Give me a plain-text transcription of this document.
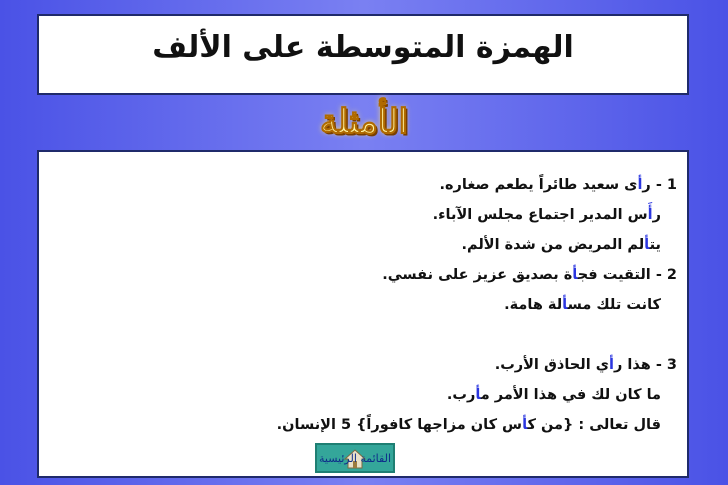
الهمزة المتوسطة على الألف
الأمثلة
1 - رأى سعيد طائراً يطعم صغاره.
رأَس المدير اجتماع مجلس الآباء.
يتألم المريض من شدة الألم.
2 - التقيت فجأة بصديق عزيز على نفسي.
كانت تلك مسألة هامة.
3 - هذا رأي الحاذق الأرب.
ما كان لك في هذا الأمر مأرب.
قال تعالى : {من كأس كان مزاجها كافوراً} 5 الإنسان.
القائمة الرئيسية
